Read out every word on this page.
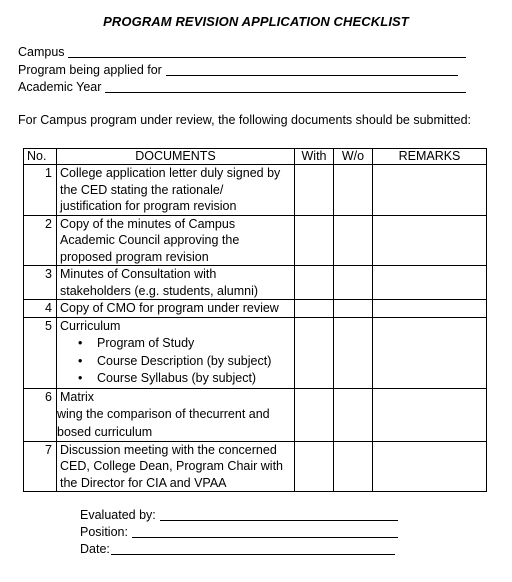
PROGRAM REVISION APPLICATION CHECKLIST
Campus
Program being applied for
Academic Year
For Campus program under review, the following documents should be submitted:
No.	DOCUMENTS	With	W/o	REMARKS
1	College application letter duly signed by
the CED stating the rationale/
justification for program revision			

2	Copy of the minutes of Campus
Academic Council approving the
proposed program revision			

3	Minutes of Consultation with
stakeholders (e.g. students, alumni)			

4	Copy of CMO for program under review			

5	Curriculum
• Program of Study
• Course Description (by subject)
• Course Syllabus (by subject)			

6	Matrix
wing the comparison of thecurrent and
bosed curriculum			

7	Discussion meeting with the concerned
CED, College Dean, Program Chair with
the Director for CIA and VPAA			

Evaluated by:
Position:
Date:
